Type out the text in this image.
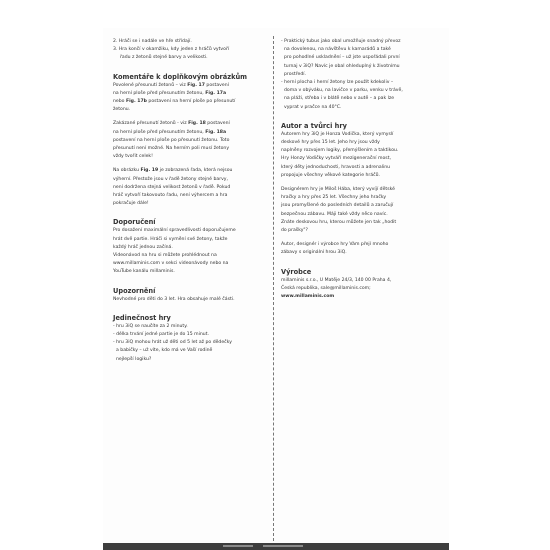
2. Hráči se i nadále ve hře střídají.

3. Hra končí v okamžiku, kdy jeden z hráčů vytvoří

řadu z žetonů stejné barvy a velikosti.

Komentáře k doplňkovým obrázkům

Povolené přesunutí žetonů – viz Fig. 17 postavení

na herní ploše před přesunutím žetonu, Fig. 17a

nebo Fig. 17b postavení na herní ploše po přesunutí

žetonu.

Zakázané přesunutí žetonů - viz Fig. 18 postavení

na herní ploše před přesunutím žetonu, Fig. 18a

postavení na herní ploše po přesunutí žetonu. Toto

přesunutí není možné. Na herním poli musí žetony

vždy tvořit celek!

Na obrázku Fig. 19 je zobrazená řada, která nejsou

výherní. Přestože jsou v řadě žetony stejné barvy,

není dodržena stejná velikost žetonů v řadě. Pokud

hráč vytvoří takovouto řadu, není výhercem a hra

pokračuje dále!

Doporučení

Pro dosažení maximální spravedlivosti doporučujeme

hrát dvě partie. Hráči si vymění své žetony, takže

každý hráč jednou začíná.

Videonávod na hru si můžete prohlédnout na

www.millaminis.com v sekci videonávody nebo na

YouTube kanálu millaminis.

Upozornění

Nevhodné pro děti do 3 let. Hra obsahuje malé části.

Jedinečnost hry

- hru 3iQ se naučíte za 2 minuty.

- délka trvání jedné partie je do 15 minut.

- hru 3iQ mohou hrát už děti od 5 let až po dědečky

a babičky – už víte, kdo má ve Vaší rodině

nejlepší logiku?

- Praktický tubus jako obal umožňuje snadný převoz

na dovolenou, na návštěvu k kamarádů a také

pro pohodlné uskladnění – už jste uspořádali první

turnaj v 3iQ? Navíc je obal ohleduplný k životnímu

prostředí.

- herní plocha i herní žetony lze použít kdekoliv –

doma v obýváku, na lavičce v parku, venku v trávě,

na pláži, střeba i v blátě nebo v autě – a pak lze

vyprat v pračce na 40°C.

Autor a tvůrci hry

Autorem hry 3iQ je Honza Vodička, který vymyslí

deskové hry přes 15 let. Jeho hry jsou vždy

naplněny rozvojem logiky, přemýšlením a taktikou.

Hry Honzy Vodičky vytváří mezigenerační most,

který děty jednoduchosti, hravosti a adrenalinu

propojuje všechny věkové kategorie hráčů.

Designérem hry je Miloš Hába, který vyvíjí dětské

hračky a hry přes 25 let. Všechny jeho hračky

jsou promyšlené do posledních detailů a zaručují

bezpečnou zábavu. Máji také vždy něco navíc.

Znáte deskovou hru, kterou můžete jen tak „hodit

do prašky"?

Autor, designér i výrobce hry Vám přejí mnoho

zábavy s originální hrou 3iQ.

Výrobce

millaminis s.r.o., U Matěje 24/3, 140 00 Praha 4,

Česká republika, sale@millaminis.com;

www.millaminis.com
